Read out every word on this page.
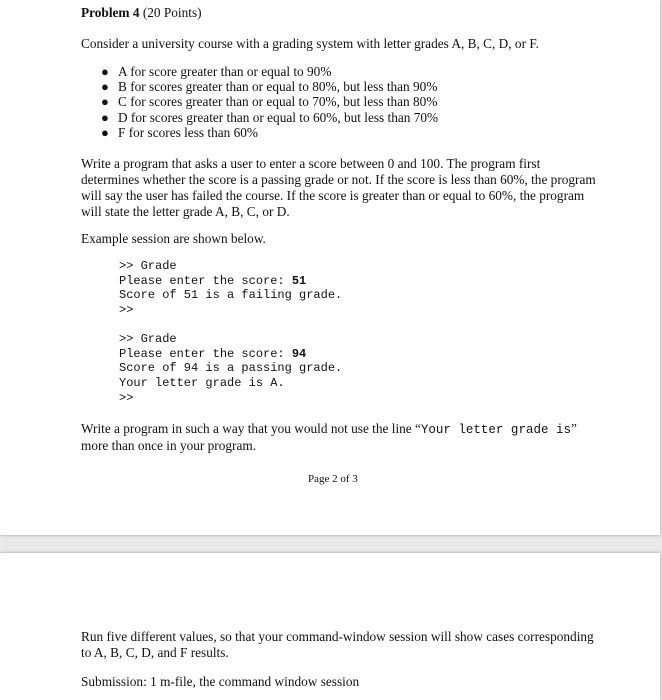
Problem 4 (20 Points)
Consider a university course with a grading system with letter grades A, B, C, D, or F.
● A for score greater than or equal to 90%
● B for scores greater than or equal to 80%, but less than 90%
● C for scores greater than or equal to 70%, but less than 80%
● D for scores greater than or equal to 60%, but less than 70%
● F for scores less than 60%
Write a program that asks a user to enter a score between 0 and 100. The program first
determines whether the score is a passing grade or not. If the score is less than 60%, the program
will say the user has failed the course. If the score is greater than or equal to 60%, the program
will state the letter grade A, B, C, or D.
Example session are shown below.
>> Grade
Please enter the score: 51
Score of 51 is a failing grade.
>>
>> Grade
Please enter the score: 94
Score of 94 is a passing grade.
Your letter grade is A.
>>
Write a program in such a way that you would not use the line “Your letter grade is”
more than once in your program.
Page 2 of 3
Run five different values, so that your command-window session will show cases corresponding
to A, B, C, D, and F results.
Submission: 1 m-file, the command window session
